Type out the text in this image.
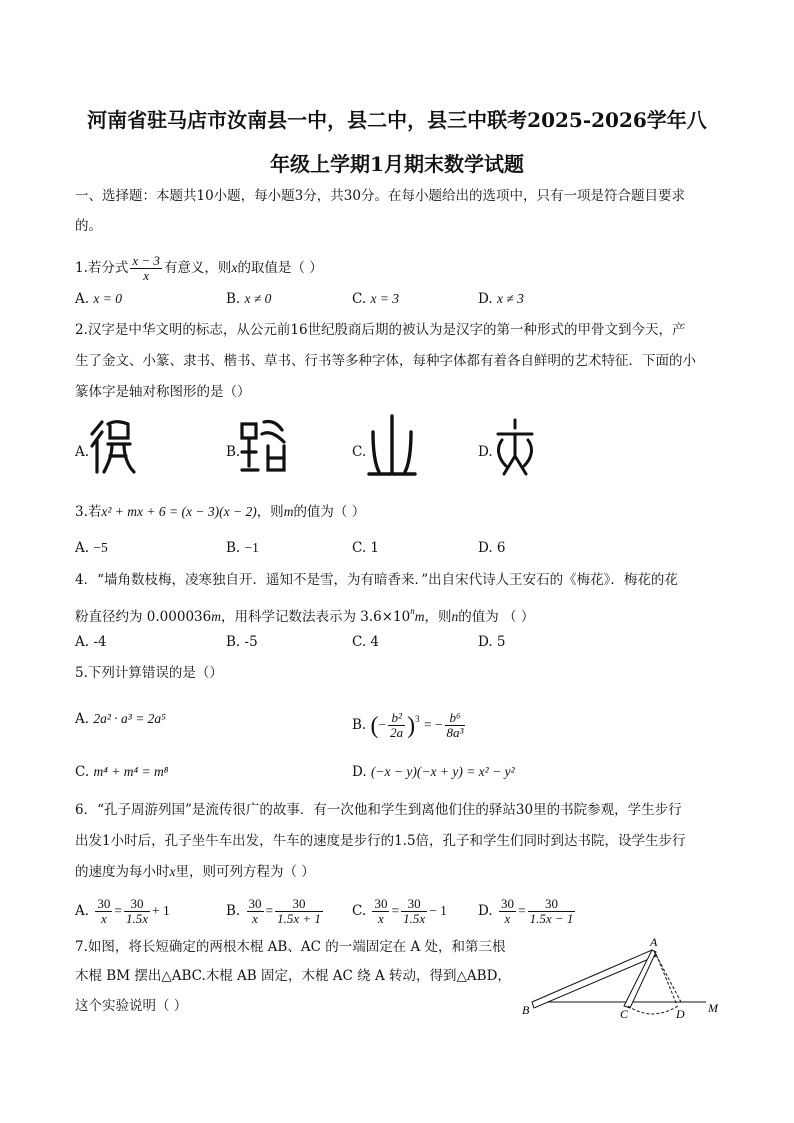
河南省驻马店市汝南县一中，县二中，县三中联考2025-2026学年八
年级上学期1月期末数学试题
一、选择题：本题共10小题，每小题3分，共30分。在每小题给出的选项中，只有一项是符合题目要求
的。
1.若分式 $\frac{x - 3}{x}$ 有意义，则x的取值是（ ）
A. x = 0	B. x ≠ 0	C. x = 3	D. x ≠ 3
2.汉字是中华文明的标志，从公元前16世纪殷商后期的被认为是汉字的第一种形式的甲骨文到今天，产
生了金文、小篆、隶书、楷书、草书、行书等多种字体，每种字体都有着各自鲜明的艺术特征．下面的小
篆体字是轴对称图形的是（）
A.	B.	C.	D.
3.若x² + mx + 6 = (x − 3)(x − 2)，则m的值为（ ）
A. −5	B. −1	C. 1	D. 6
4．“墙角数枝梅，凌寒独自开．遥知不是雪，为有暗香来．”出自宋代诗人王安石的《梅花》．梅花的花
粉直径约为 0.000036m，用科学记数法表示为 $3.6\times 10^nm$，则n的值为 （ ）
A. -4	B. -5	C. 4	D. 5
5.下列计算错误的是（）
A. 2a² · a³ = 2a⁵	B. (− $\frac{\text{b²}}{2a} )^3$ = − $\frac{\text{b⁶}}{\text{8a³}}$
C. m⁴ + m⁴ = m⁸	D. (−x − y)(−x + y) = x² − y²
6．“孔子周游列国”是流传很广的故事．有一次他和学生到离他们住的驿站30里的书院参观，学生步行
出发1小时后，孔子坐牛车出发，牛车的速度是步行的1.5倍，孔子和学生们同时到达书院，设学生步行
的速度为每小时x里，则可列方程为（ ）
A. $\frac{30}{x} = \frac{30}{1.5x} + 1$	B. $\frac{30}{x} = \frac{30}{1.5x + 1} C$. $\frac{30}{x} = \frac{30}{1.5x} - 1$ D. $\frac{30}{x} = \frac{30}{1.5x - 1}$
7.如图，将长短确定的两根木棍 AB、AC 的一端固定在 A 处，和第三根
木棍 BM 摆出△ABC.木棍 AB 固定，木棍 AC 绕 A 转动，得到△ABD，
这个实验说明（ ）
A
B	C	D M
